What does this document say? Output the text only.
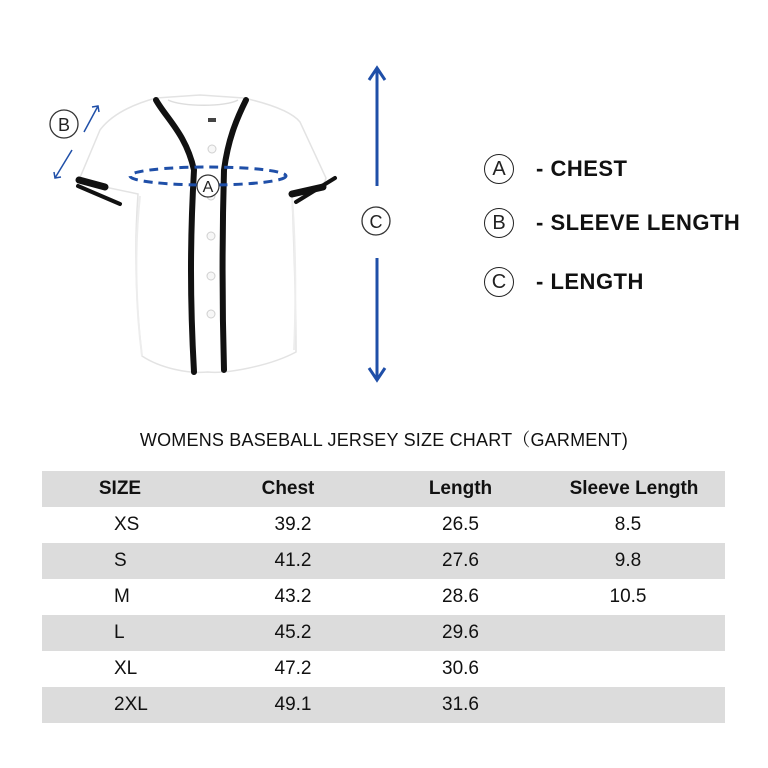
A
B
C
A	- CHEST
B	- SLEEVE LENGTH
C	- LENGTH
WOMENS BASEBALL JERSEY SIZE CHART（GARMENT)
SIZE	Chest	Length	Sleeve Length
XS	39.2	26.5	8.5
S	41.2	27.6	9.8
M	43.2	28.6	10.5
L	45.2	29.6	
XL	47.2	30.6	
2XL	49.1	31.6	
